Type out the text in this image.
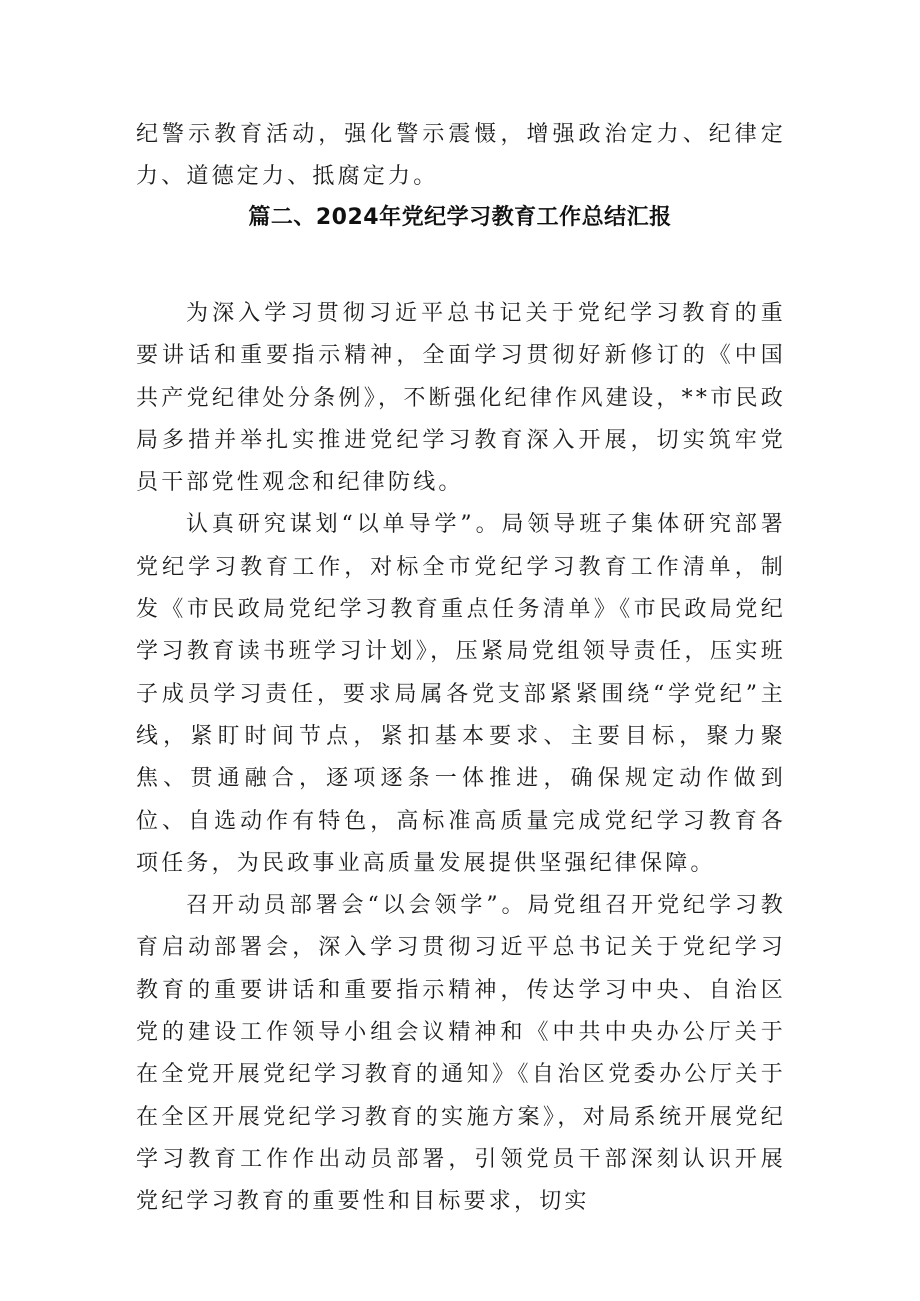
纪警示教育活动，强化警示震慑，增强政治定力、纪律定力、道德定力、抵腐定力。

篇二、2024年党纪学习教育工作总结汇报

为深入学习贯彻习近平总书记关于党纪学习教育的重要讲话和重要指示精神，全面学习贯彻好新修订的《中国共产党纪律处分条例》，不断强化纪律作风建设，**市民政局多措并举扎实推进党纪学习教育深入开展，切实筑牢党员干部党性观念和纪律防线。

认真研究谋划“以单导学”。局领导班子集体研究部署党纪学习教育工作，对标全市党纪学习教育工作清单，制发《市民政局党纪学习教育重点任务清单》《市民政局党纪学习教育读书班学习计划》，压紧局党组领导责任，压实班子成员学习责任，要求局属各党支部紧紧围绕“学党纪”主线，紧盯时间节点，紧扣基本要求、主要目标，聚力聚焦、贯通融合，逐项逐条一体推进，确保规定动作做到位、自选动作有特色，高标准高质量完成党纪学习教育各项任务，为民政事业高质量发展提供坚强纪律保障。

召开动员部署会“以会领学”。局党组召开党纪学习教育启动部署会，深入学习贯彻习近平总书记关于党纪学习教育的重要讲话和重要指示精神，传达学习中央、自治区党的建设工作领导小组会议精神和《中共中央办公厅关于在全党开展党纪学习教育的通知》《自治区党委办公厅关于在全区开展党纪学习教育的实施方案》，对局系统开展党纪学习教育工作作出动员部署，引领党员干部深刻认识开展党纪学习教育的重要性和目标要求，切实
